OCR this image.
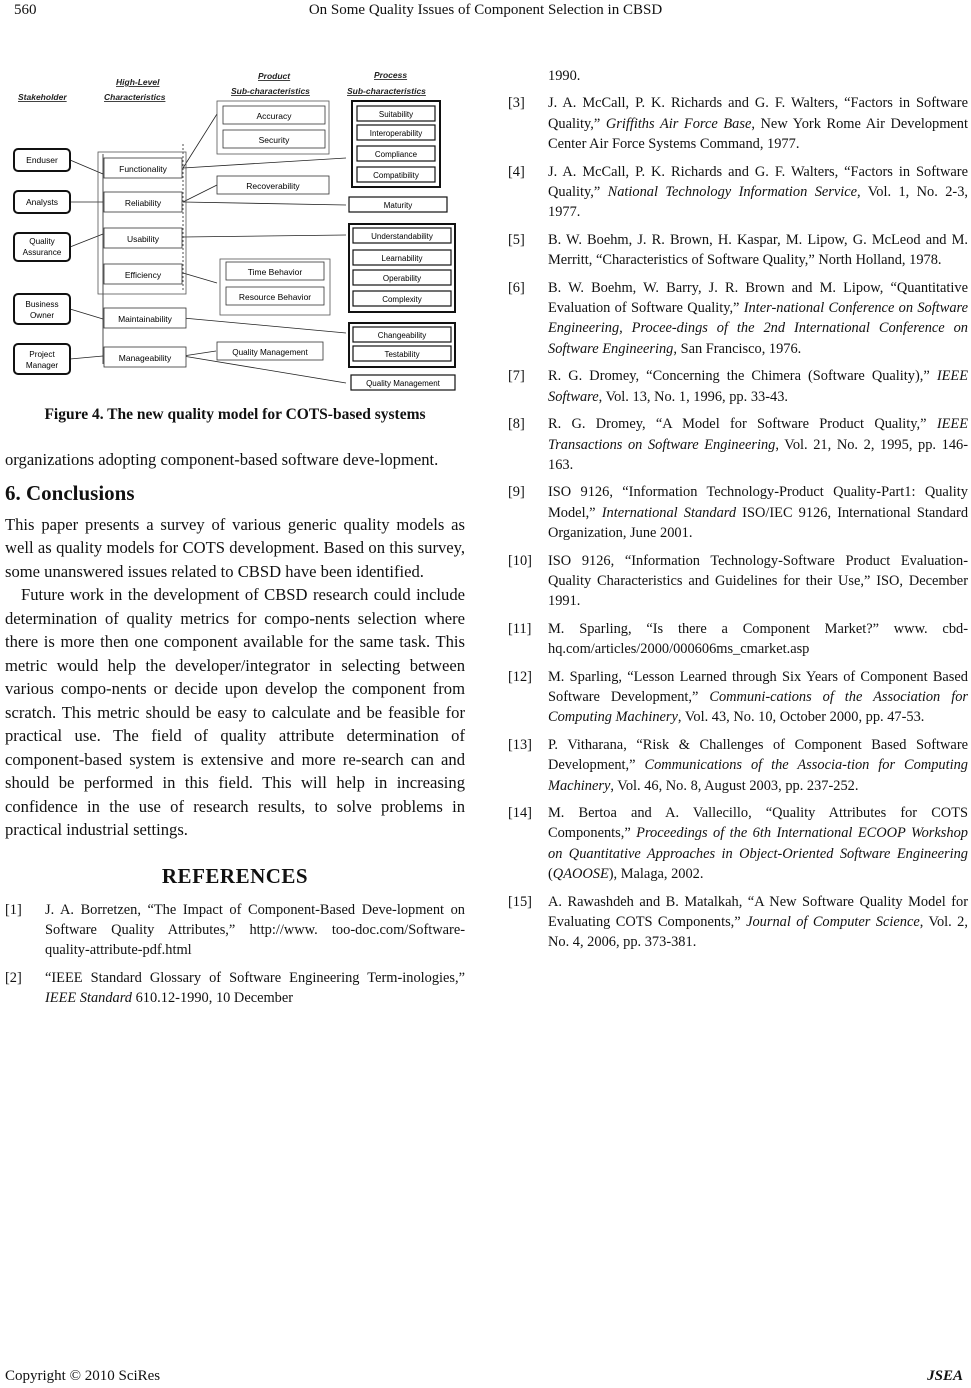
560	On Some Quality Issues of Component Selection in CBSD
Stakeholder
High-Level
Characteristics
Product
Sub-characteristics
Process
Sub-characteristics
Enduser
Analysts
Quality
Assurance
Business
Owner
Project
Manager
Functionality
Reliability
Usability
Efficiency
Maintainability
Manageability
Accuracy
Security
Recoverability
Time Behavior
Resource Behavior
Quality Management
Suitability
Interoperability
Compliance
Compatibility
Maturity
Understandability
Learnability
Operability
Complexity
Changeability
Testability
Quality Management
Figure 4. The new quality model for COTS-based systems

organizations adopting component-based software deve-lopment.

6. Conclusions

This paper presents a survey of various generic quality models as well as quality models for COTS development. Based on this survey, some unanswered issues related to CBSD have been identified.

Future work in the development of CBSD research could include determination of quality metrics for compo-nents selection where there is more then one component available for the same task. This metric would help the developer/integrator in selecting between various compo-nents or decide upon develop the component from scratch. This metric should be easy to calculate and be feasible for practical use. The field of quality attribute determination of component-based system is extensive and more re-search can and should be performed in this field. This will help in increasing confidence in the use of research results, to solve problems in practical industrial settings.

REFERENCES
[1]	J. A. Borretzen, “The Impact of Component-Based Deve-lopment on Software Quality Attributes,” http://www. too-doc.com/Software-quality-attribute-pdf.html
[2]	“IEEE Standard Glossary of Software Engineering Term-inologies,” IEEE Standard 610.12-1990, 10 December
1990.
[3]	J. A. McCall, P. K. Richards and G. F. Walters, “Factors in Software Quality,” Griffiths Air Force Base, New York Rome Air Development Center Air Force Systems Command, 1977.
[4]	J. A. McCall, P. K. Richards and G. F. Walters, “Factors in Software Quality,” National Technology Information Service, Vol. 1, No. 2-3, 1977.
[5]	B. W. Boehm, J. R. Brown, H. Kaspar, M. Lipow, G. McLeod and M. Merritt, “Characteristics of Software Quality,” North Holland, 1978.
[6]	B. W. Boehm, W. Barry, J. R. Brown and M. Lipow, “Quantitative Evaluation of Software Quality,” Inter-national Conference on Software Engineering, Procee-dings of the 2nd International Conference on Software Engineering, San Francisco, 1976.
[7]	R. G. Dromey, “Concerning the Chimera (Software Quality),” IEEE Software, Vol. 13, No. 1, 1996, pp. 33-43.
[8]	R. G. Dromey, “A Model for Software Product Quality,” IEEE Transactions on Software Engineering, Vol. 21, No. 2, 1995, pp. 146-163.
[9]	ISO 9126, “Information Technology-Product Quality-Part1: Quality Model,” International Standard ISO/IEC 9126, International Standard Organization, June 2001.
[10]	ISO 9126, “Information Technology-Software Product Evaluation-Quality Characteristics and Guidelines for their Use,” ISO, December 1991.
[11]	M. Sparling, “Is there a Component Market?” www. cbd-hq.com/articles/2000/000606ms_cmarket.asp
[12]	M. Sparling, “Lesson Learned through Six Years of Component Based Software Development,” Communi-cations of the Association for Computing Machinery, Vol. 43, No. 10, October 2000, pp. 47-53.
[13]	P. Vitharana, “Risk & Challenges of Component Based Software Development,” Communications of the Associa-tion for Computing Machinery, Vol. 46, No. 8, August 2003, pp. 237-252.
[14]	M. Bertoa and A. Vallecillo, “Quality Attributes for COTS Components,” Proceedings of the 6th International ECOOP Workshop on Quantitative Approaches in Object-Oriented Software Engineering (QAOOSE), Malaga, 2002.
[15]	A. Rawashdeh and B. Matalkah, “A New Software Quality Model for Evaluating COTS Components,” Journal of Computer Science, Vol. 2, No. 4, 2006, pp. 373-381.
Copyright © 2010 SciRes	JSEA
